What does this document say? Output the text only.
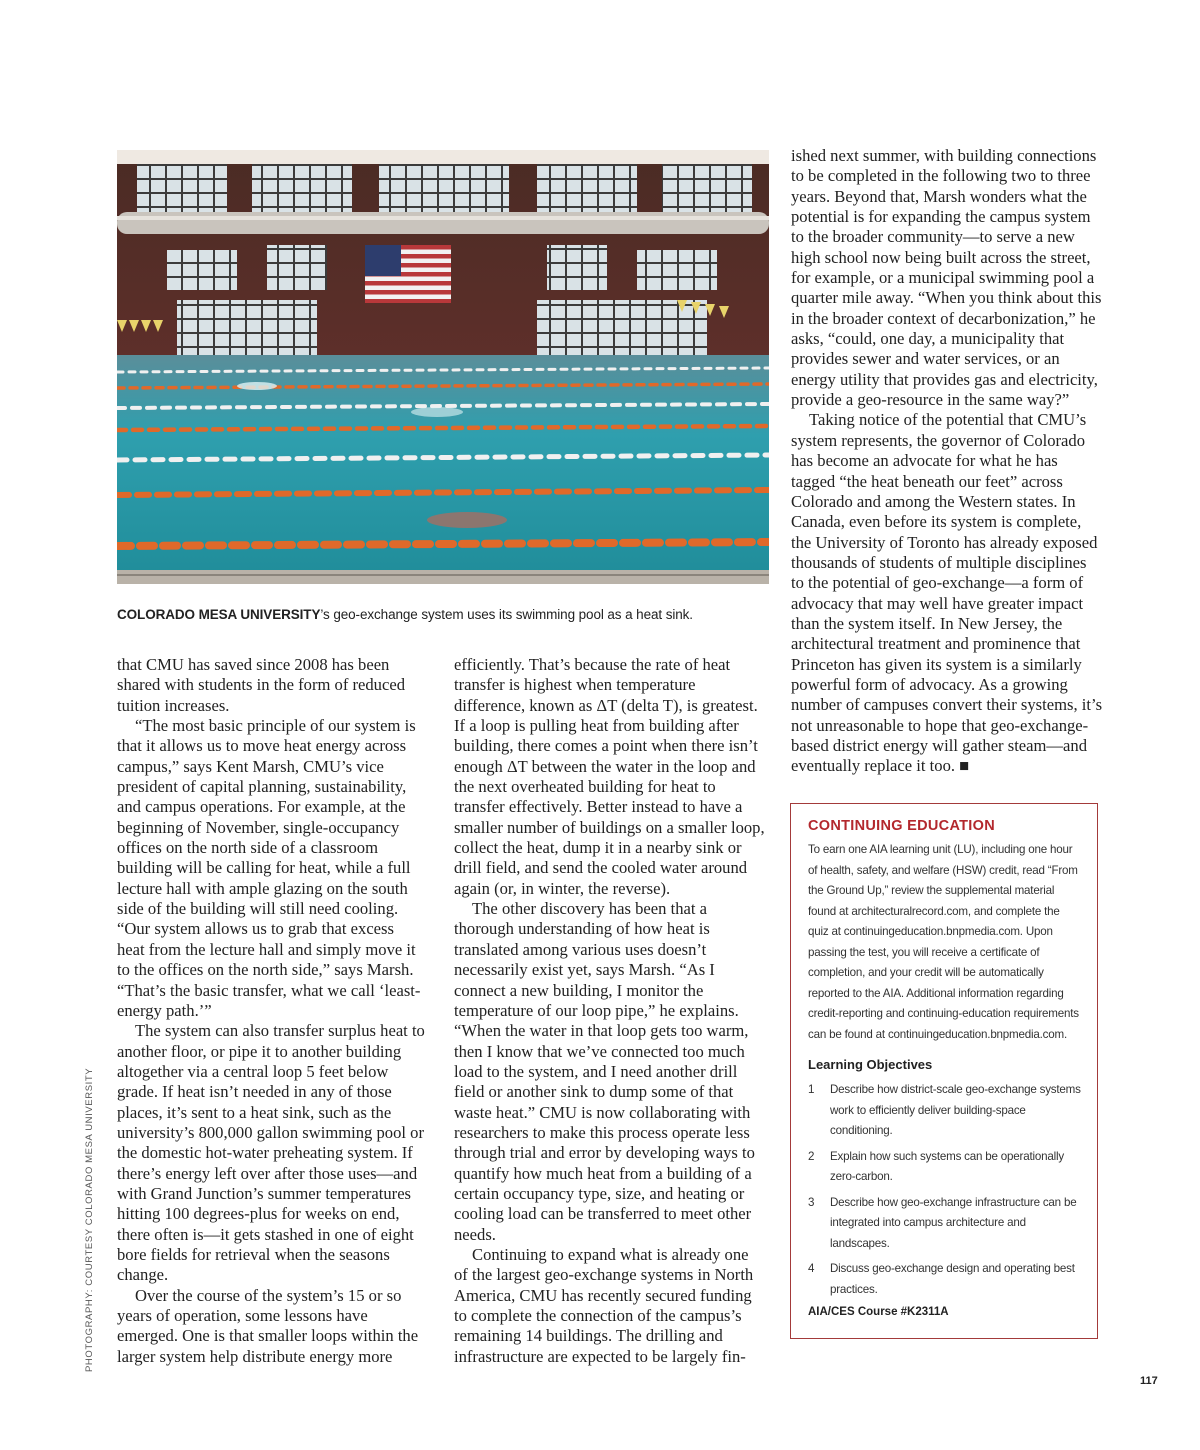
COLORADO MESA UNIVERSITY’s geo-exchange system uses its swimming pool as a heat sink.

that CMU has saved since 2008 has been shared with students in the form of reduced tuition increases.

“The most basic principle of our system is that it allows us to move heat energy across campus,” says Kent Marsh, CMU’s vice president of capital planning, sustainability, and campus operations. For example, at the beginning of November, single-occupancy offices on the north side of a classroom building will be calling for heat, while a full lecture hall with ample glazing on the south side of the building will still need cooling. “Our system allows us to grab that excess heat from the lecture hall and simply move it to the offices on the north side,” says Marsh. “That’s the basic transfer, what we call ‘least-energy path.’”

The system can also transfer surplus heat to another floor, or pipe it to another building altogether via a central loop 5 feet below grade. If heat isn’t needed in any of those places, it’s sent to a heat sink, such as the university’s 800,000 gallon swimming pool or the domestic hot-water preheating system. If there’s energy left over after those uses—and with Grand Junction’s summer temperatures hitting 100 degrees-plus for weeks on end, there often is—it gets stashed in one of eight bore fields for retrieval when the seasons change.

Over the course of the system’s 15 or so years of operation, some lessons have emerged. One is that smaller loops within the larger system help distribute energy more

efficiently. That’s because the rate of heat transfer is highest when temperature difference, known as ΔT (delta T), is greatest. If a loop is pulling heat from building after building, there comes a point when there isn’t enough ΔT between the water in the loop and the next overheated building for heat to transfer effectively. Better instead to have a smaller number of buildings on a smaller loop, collect the heat, dump it in a nearby sink or drill field, and send the cooled water around again (or, in winter, the reverse).

The other discovery has been that a thorough understanding of how heat is translated among various uses doesn’t necessarily exist yet, says Marsh. “As I connect a new building, I monitor the temperature of our loop pipe,” he explains. “When the water in that loop gets too warm, then I know that we’ve connected too much load to the system, and I need another drill field or another sink to dump some of that waste heat.” CMU is now collaborating with researchers to make this process operate less through trial and error by developing ways to quantify how much heat from a building of a certain occupancy type, size, and heating or cooling load can be transferred to meet other needs.

Continuing to expand what is already one of the largest geo-exchange systems in North America, CMU has recently secured funding to complete the connection of the campus’s remaining 14 buildings. The drilling and infrastructure are expected to be largely fin-

ished next summer, with building connections to be completed in the following two to three years. Beyond that, Marsh wonders what the potential is for expanding the campus system to the broader community—to serve a new high school now being built across the street, for example, or a municipal swimming pool a quarter mile away. “When you think about this in the broader context of decarbonization,” he asks, “could, one day, a municipality that provides sewer and water services, or an energy utility that provides gas and electricity, provide a geo-resource in the same way?”

Taking notice of the potential that CMU’s system represents, the governor of Colorado has become an advocate for what he has tagged “the heat beneath our feet” across Colorado and among the Western states. In Canada, even before its system is complete, the University of Toronto has already exposed thousands of students of multiple disciplines to the potential of geo-exchange—a form of advocacy that may well have greater impact than the system itself. In New Jersey, the architectural treatment and prominence that Princeton has given its system is a similarly powerful form of advocacy. As a growing number of campuses convert their systems, it’s not unreasonable to hope that geo-exchange-based district energy will gather steam—and eventually replace it too. ■

PHOTOGRAPHY: COURTESY COLORADO MESA UNIVERSITY
CONTINUING EDUCATION
To earn one AIA learning unit (LU), including one hour of health, safety, and welfare (HSW) credit, read “From the Ground Up,” review the supplemental material found at architecturalrecord.com, and complete the quiz at continuingeducation.bnpmedia.com. Upon passing the test, you will receive a certificate of completion, and your credit will be automatically reported to the AIA. Additional information regarding credit-reporting and continuing-education requirements can be found at continuingeducation.bnpmedia.com.
Learning Objectives
1	Describe how district-scale geo-exchange systems work to efficiently deliver building-space conditioning.
2	Explain how such systems can be operationally zero-carbon.
3	Describe how geo-exchange infrastructure can be integrated into campus architecture and landscapes.
4	Discuss geo-exchange design and operating best practices.
AIA/CES Course #K2311A
117
